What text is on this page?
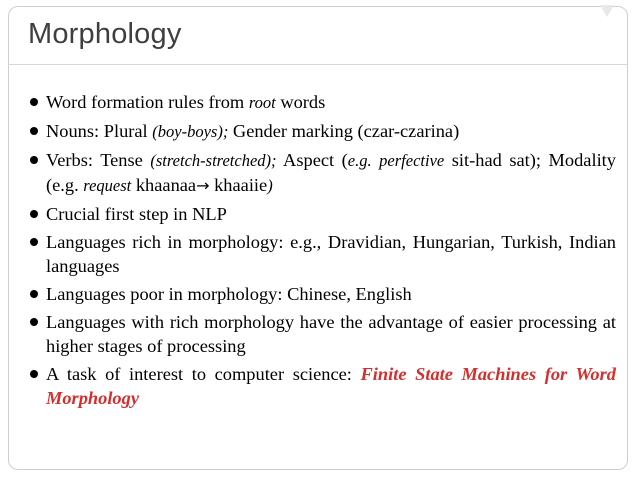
Morphology
Word formation rules from root words
Nouns: Plural (boy-boys); Gender marking (czar-czarina)
Verbs: Tense (stretch-stretched); Aspect (e.g. perfective sit-had sat); Modality (e.g. request khaanaa→ khaaiie)
Crucial first step in NLP
Languages rich in morphology: e.g., Dravidian, Hungarian, Turkish, Indian languages
Languages poor in morphology: Chinese, English
Languages with rich morphology have the advantage of easier processing at higher stages of processing
A task of interest to computer science: Finite State Machines for Word Morphology
